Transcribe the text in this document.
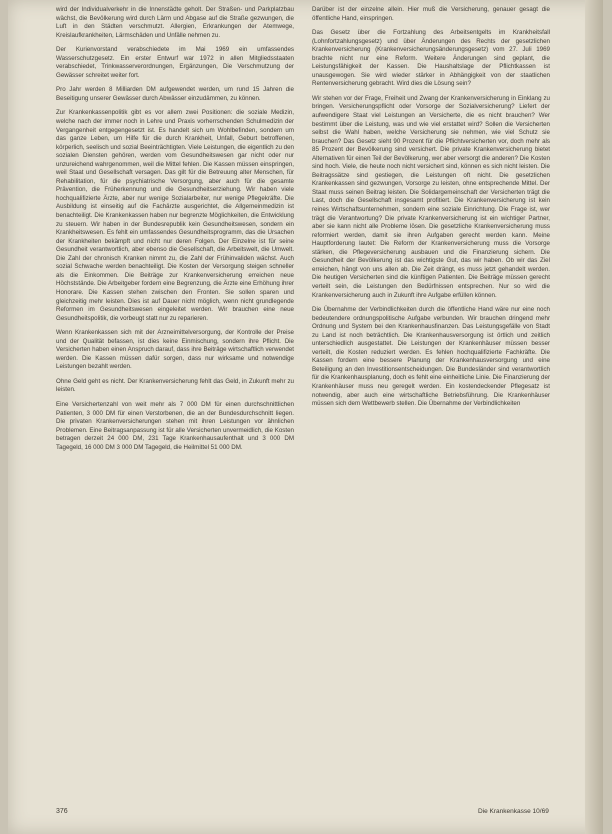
wird der Individualverkehr in die Innenstädte geholt. Der Straßen- und Parkplatzbau wächst, die Bevölkerung wird durch Lärm und Abgase auf die Straße gezwungen, die Luft in den Städten verschmutzt. Allergien, Erkrankungen der Atemwege, Kreislaufkrankheiten, Lärmschäden und Unfälle nehmen zu.

Der Kurienvorstand verabschiedete im Mai 1969 ein umfassendes Wasserschutzgesetz. Ein erster Entwurf war 1972 in allen Mitgliedsstaaten verabschiedet, Trinkwasserverordnungen, Ergänzungen, Die Verschmutzung der Gewässer schreitet weiter fort.

Pro Jahr werden 8 Milliarden DM aufgewendet werden, um rund 15 Jahren die Beseitigung unserer Gewässer durch Abwässer einzudämmen, zu können.

Zur Krankenkassenpolitik gibt es vor allem zwei Positionen: die soziale Medizin, welche nach der immer noch in Lehre und Praxis vorherrschenden Schulmedizin der Vergangenheit entgegengesetzt ist. Es handelt sich um Wohlbefinden, sondern um das ganze Leben, um Hilfe für die durch Krankheit, Unfall, Geburt betroffenen, körperlich, seelisch und sozial Beeinträchtigten. Viele Leistungen, die eigentlich zu den sozialen Diensten gehören, werden vom Gesundheitswesen gar nicht oder nur unzureichend wahrgenommen, weil die Mittel fehlen. Die Kassen müssen einspringen, weil Staat und Gesellschaft versagen. Das gilt für die Betreuung alter Menschen, für Rehabilitation, für die psychiatrische Versorgung, aber auch für die gesamte Prävention, die Früherkennung und die Gesundheitserziehung. Wir haben viele hochqualifizierte Ärzte, aber nur wenige Sozialarbeiter, nur wenige Pflegekräfte. Die Ausbildung ist einseitig auf die Fachärzte ausgerichtet, die Allgemeinmedizin ist benachteiligt. Die Krankenkassen haben nur begrenzte Möglichkeiten, die Entwicklung zu steuern. Wir haben in der Bundesrepublik kein Gesundheitswesen, sondern ein Krankheitswesen. Es fehlt ein umfassendes Gesundheitsprogramm, das die Ursachen der Krankheiten bekämpft und nicht nur deren Folgen. Der Einzelne ist für seine Gesundheit verantwortlich, aber ebenso die Gesellschaft, die Arbeitswelt, die Umwelt. Die Zahl der chronisch Kranken nimmt zu, die Zahl der Frühinvaliden wächst. Auch sozial Schwache werden benachteiligt. Die Kosten der Versorgung steigen schneller als die Einkommen. Die Beiträge zur Krankenversicherung erreichen neue Höchststände. Die Arbeitgeber fordern eine Begrenzung, die Ärzte eine Erhöhung ihrer Honorare. Die Kassen stehen zwischen den Fronten. Sie sollen sparen und gleichzeitig mehr leisten. Dies ist auf Dauer nicht möglich, wenn nicht grundlegende Reformen im Gesundheitswesen eingeleitet werden. Wir brauchen eine neue Gesundheitspolitik, die vorbeugt statt nur zu reparieren.

Wenn Krankenkassen sich mit der Arzneimittelversorgung, der Kontrolle der Preise und der Qualität befassen, ist dies keine Einmischung, sondern ihre Pflicht. Die Versicherten haben einen Anspruch darauf, dass ihre Beiträge wirtschaftlich verwendet werden. Die Kassen müssen dafür sorgen, dass nur wirksame und notwendige Leistungen bezahlt werden.

Ohne Geld geht es nicht. Der Krankenversicherung fehlt das Geld, in Zukunft mehr zu leisten.

Eine Versichertenzahl von weit mehr als 7 000 DM für einen durchschnittlichen Patienten, 3 000 DM für einen Verstorbenen, die an der Bundesdurchschnitt liegen. Die privaten Krankenversicherungen stehen mit ihren Leistungen vor ähnlichen Problemen. Eine Beitragsanpassung ist für alle Versicherten unvermeidlich, die Kosten betragen derzeit 24 000 DM, 231 Tage Krankenhausaufenthalt und 3 000 DM Tagegeld, 16 000 DM 3 000 DM Tagegeld, die Heilmittel 51 000 DM.

Darüber ist der einzelne allein. Hier muß die Versicherung, genauer gesagt die öffentliche Hand, einspringen.

Das Gesetz über die Fortzahlung des Arbeitsentgelts im Krankheitsfall (Lohnfortzahlungsgesetz) und über Änderungen des Rechts der gesetzlichen Krankenversicherung (Krankenversicherungsänderungsgesetz) vom 27. Juli 1969 brachte nicht nur eine Reform. Weitere Änderungen sind geplant, die Leistungsfähigkeit der Kassen. Die Haushaltslage der Pflichtkassen ist unausgewogen. Sie wird wieder stärker in Abhängigkeit von der staatlichen Rentenversicherung gebracht. Wird dies die Lösung sein?

Wir stehen vor der Frage, Freiheit und Zwang der Krankenversicherung in Einklang zu bringen. Versicherungspflicht oder Vorsorge der Sozialversicherung? Liefert der aufwendigere Staat viel Leistungen an Versicherte, die es nicht brauchen? Wer bestimmt über die Leistung, was und wie viel erstattet wird? Sollen die Versicherten selbst die Wahl haben, welche Versicherung sie nehmen, wie viel Schutz sie brauchen? Das Gesetz sieht 90 Prozent für die Pflichtversicherten vor, doch mehr als 85 Prozent der Bevölkerung sind versichert. Die private Krankenversicherung bietet Alternativen für einen Teil der Bevölkerung, wer aber versorgt die anderen? Die Kosten sind hoch. Viele, die heute noch nicht versichert sind, können es sich nicht leisten. Die Beitragssätze sind gestiegen, die Leistungen oft nicht. Die gesetzlichen Krankenkassen sind gezwungen, Vorsorge zu leisten, ohne entsprechende Mittel. Der Staat muss seinen Beitrag leisten. Die Solidargemeinschaft der Versicherten trägt die Last, doch die Gesellschaft insgesamt profitiert. Die Krankenversicherung ist kein reines Wirtschaftsunternehmen, sondern eine soziale Einrichtung. Die Frage ist, wer trägt die Verantwortung? Die private Krankenversicherung ist ein wichtiger Partner, aber sie kann nicht alle Probleme lösen. Die gesetzliche Krankenversicherung muss reformiert werden, damit sie ihren Aufgaben gerecht werden kann. Meine Hauptforderung lautet: Die Reform der Krankenversicherung muss die Vorsorge stärken, die Pflegeversicherung ausbauen und die Finanzierung sichern. Die Gesundheit der Bevölkerung ist das wichtigste Gut, das wir haben. Ob wir das Ziel erreichen, hängt von uns allen ab. Die Zeit drängt, es muss jetzt gehandelt werden. Die heutigen Versicherten sind die künftigen Patienten. Die Beiträge müssen gerecht verteilt sein, die Leistungen den Bedürfnissen entsprechen. Nur so wird die Krankenversicherung auch in Zukunft ihre Aufgabe erfüllen können.

Die Übernahme der Verbindlichkeiten durch die öffentliche Hand wäre nur eine noch bedeutendere ordnungspolitische Aufgabe verbunden. Wir brauchen dringend mehr Ordnung und System bei den Krankenhausfinanzen. Das Leistungsgefälle von Stadt zu Land ist noch beträchtlich. Die Krankenhausversorgung ist örtlich und zeitlich unterschiedlich ausgestattet. Die Leistungen der Krankenhäuser müssen besser verteilt, die Kosten reduziert werden. Es fehlen hochqualifizierte Fachkräfte. Die Kassen fordern eine bessere Planung der Krankenhausversorgung und eine Beteiligung an den Investitionsentscheidungen. Die Bundesländer sind verantwortlich für die Krankenhausplanung, doch es fehlt eine einheitliche Linie. Die Finanzierung der Krankenhäuser muss neu geregelt werden. Ein kostendeckender Pflegesatz ist notwendig, aber auch eine wirtschaftliche Betriebsführung. Die Krankenhäuser müssen sich dem Wettbewerb stellen. Die Übernahme der Verbindlichkeiten

376	Die Krankenkasse 10/69
